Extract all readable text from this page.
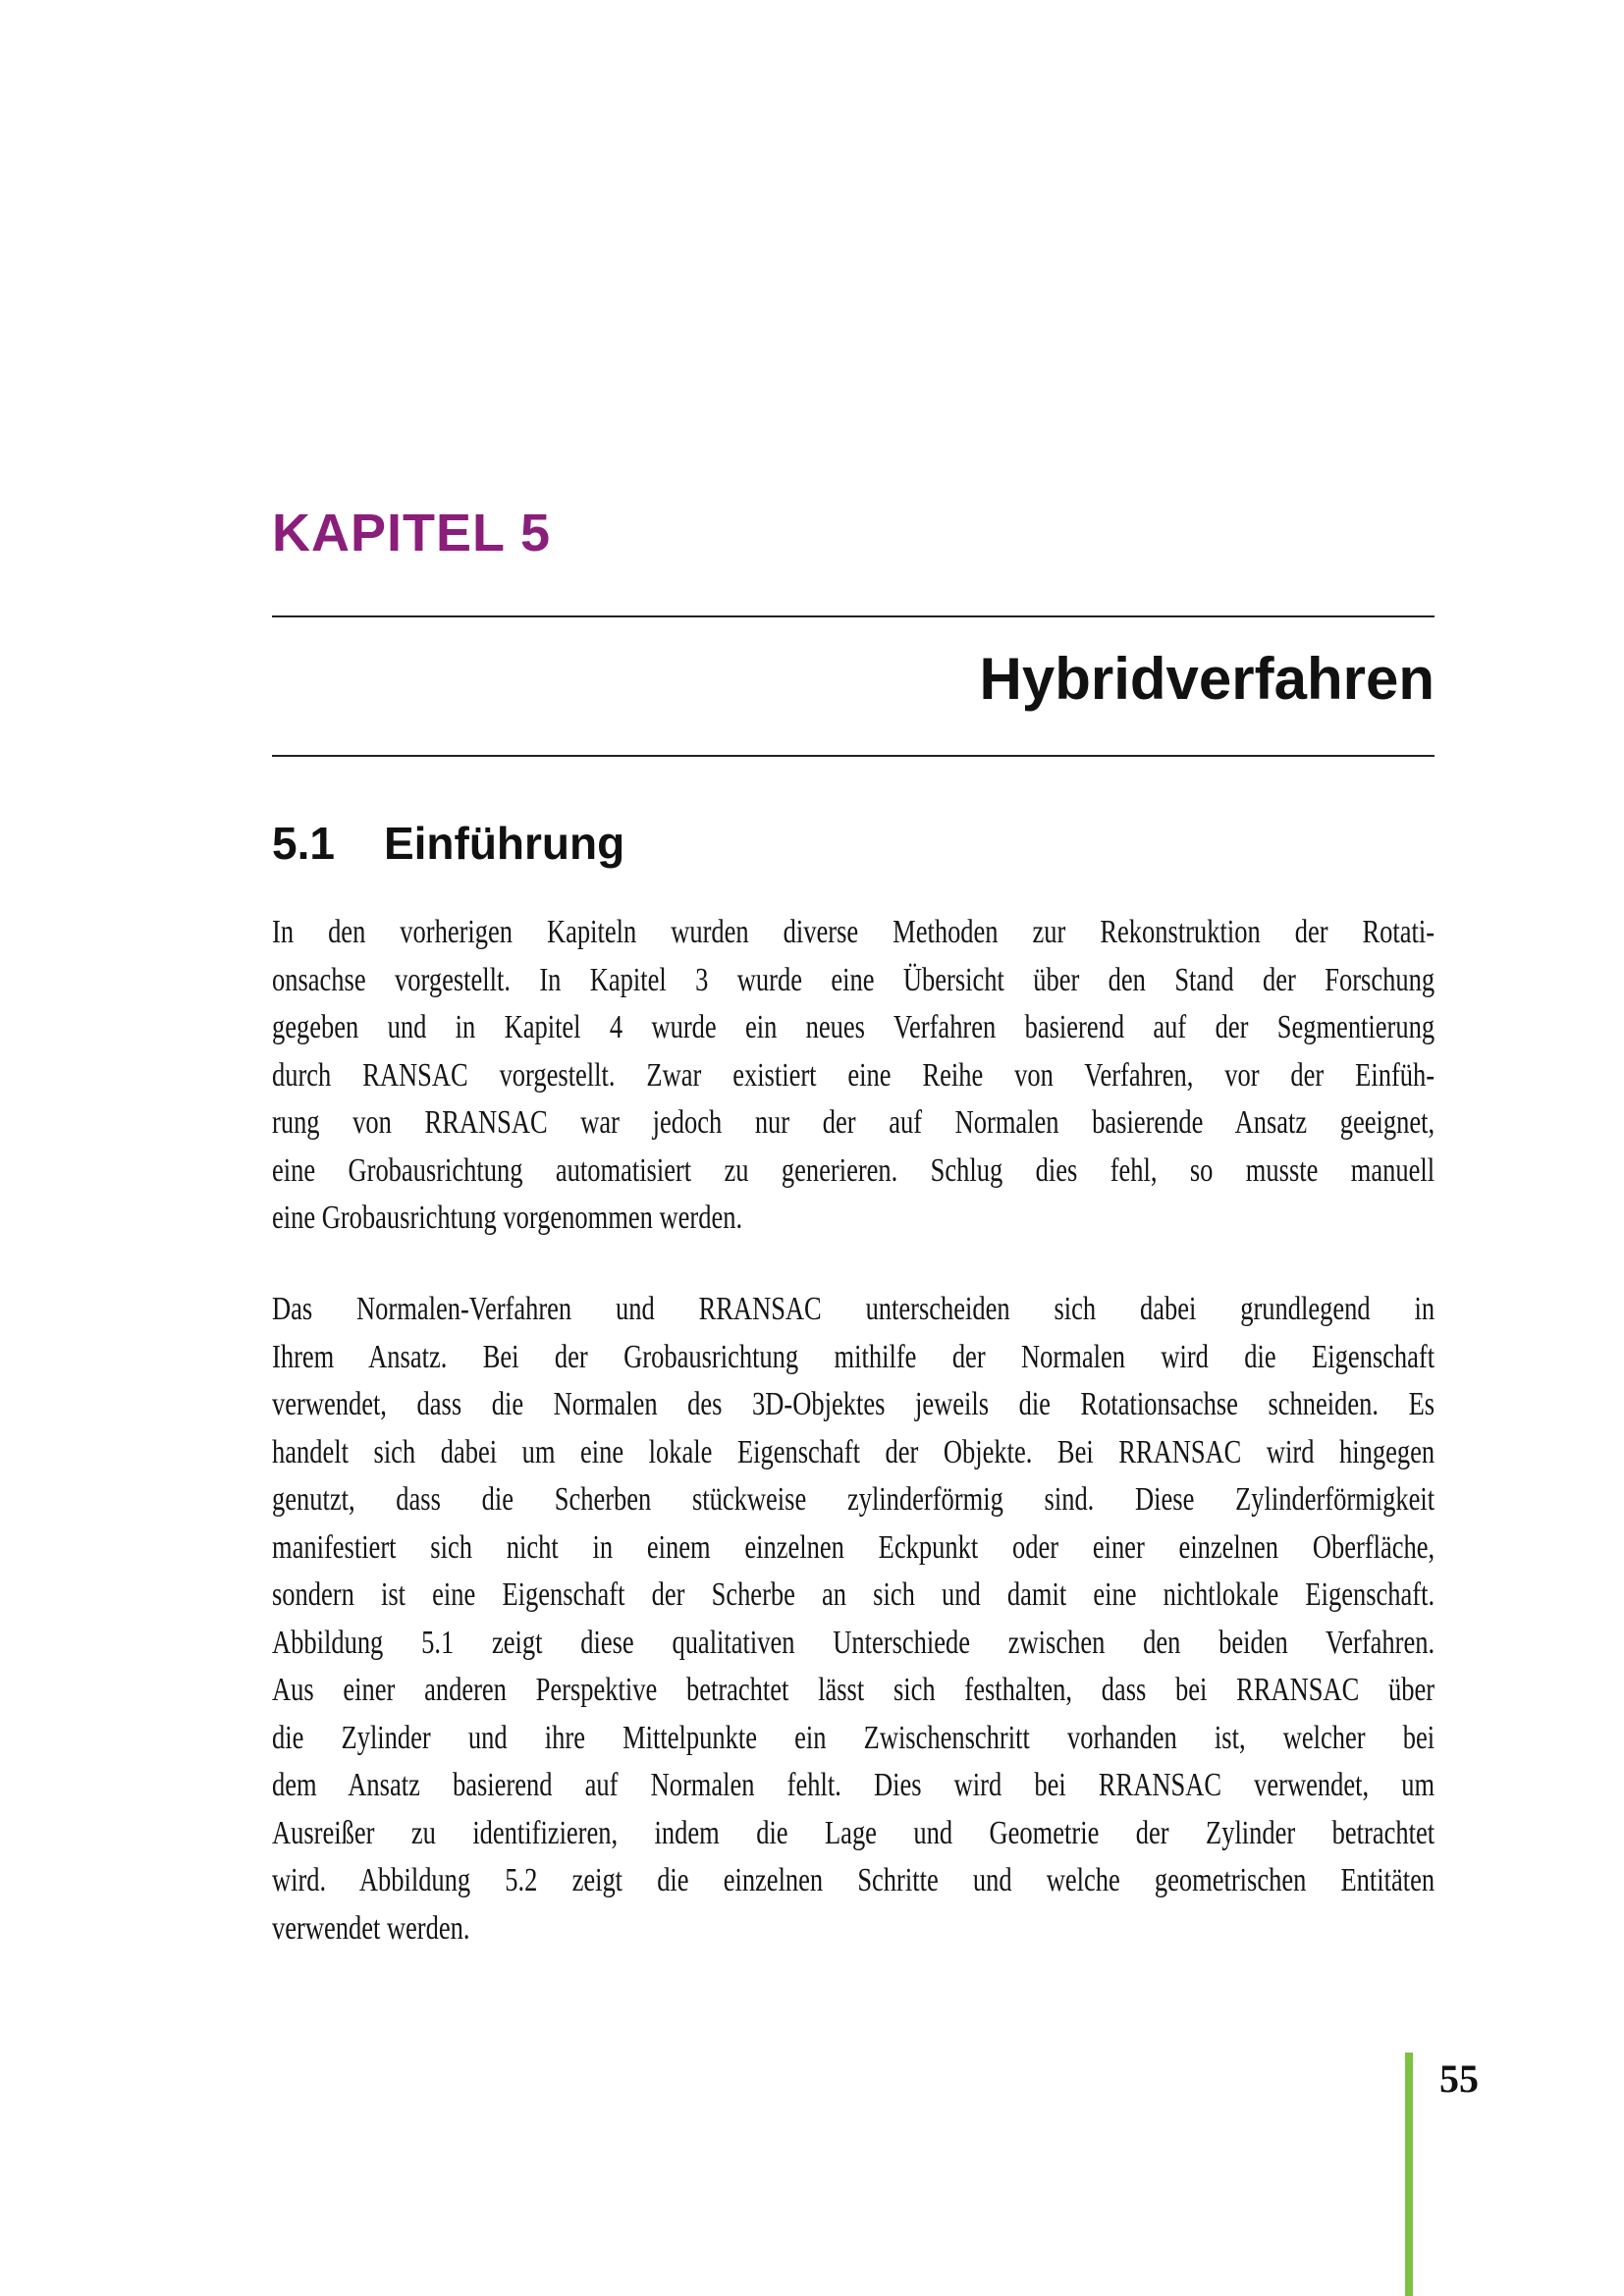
KAPITEL 5
Hybridverfahren
5.1 Einführung
In den vorherigen Kapiteln wurden diverse Methoden zur Rekonstruktion der Rotati-
onsachse vorgestellt. In Kapitel 3 wurde eine Übersicht über den Stand der Forschung
gegeben und in Kapitel 4 wurde ein neues Verfahren basierend auf der Segmentierung
durch RANSAC vorgestellt. Zwar existiert eine Reihe von Verfahren, vor der Einfüh-
rung von RRANSAC war jedoch nur der auf Normalen basierende Ansatz geeignet,
eine Grobausrichtung automatisiert zu generieren. Schlug dies fehl, so musste manuell
eine Grobausrichtung vorgenommen werden.
Das Normalen-Verfahren und RRANSAC unterscheiden sich dabei grundlegend in
Ihrem Ansatz. Bei der Grobausrichtung mithilfe der Normalen wird die Eigenschaft
verwendet, dass die Normalen des 3D-Objektes jeweils die Rotationsachse schneiden. Es
handelt sich dabei um eine lokale Eigenschaft der Objekte. Bei RRANSAC wird hingegen
genutzt, dass die Scherben stückweise zylinderförmig sind. Diese Zylinderförmigkeit
manifestiert sich nicht in einem einzelnen Eckpunkt oder einer einzelnen Oberfläche,
sondern ist eine Eigenschaft der Scherbe an sich und damit eine nichtlokale Eigenschaft.
Abbildung 5.1 zeigt diese qualitativen Unterschiede zwischen den beiden Verfahren.
Aus einer anderen Perspektive betrachtet lässt sich festhalten, dass bei RRANSAC über
die Zylinder und ihre Mittelpunkte ein Zwischenschritt vorhanden ist, welcher bei
dem Ansatz basierend auf Normalen fehlt. Dies wird bei RRANSAC verwendet, um
Ausreißer zu identifizieren, indem die Lage und Geometrie der Zylinder betrachtet
wird. Abbildung 5.2 zeigt die einzelnen Schritte und welche geometrischen Entitäten
verwendet werden.
55
